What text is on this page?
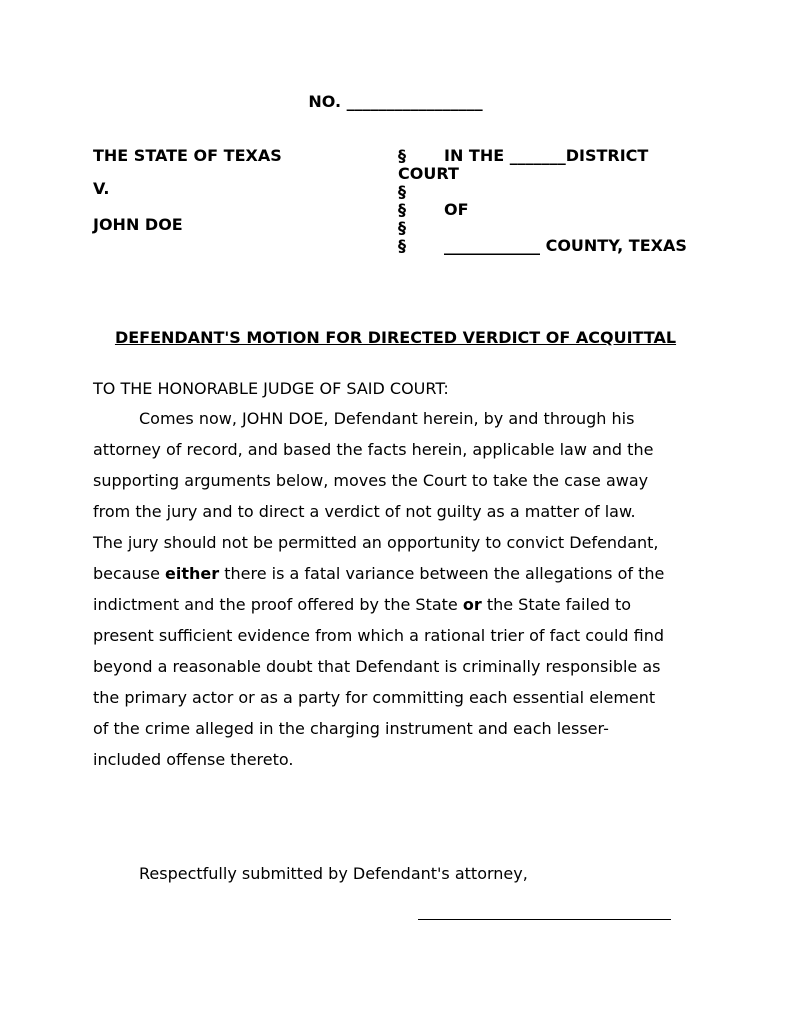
NO. _________________
THE STATE OF TEXAS
V.
JOHN DOE
§ IN THE _______DISTRICT
COURT
§
§ OF
§
§ ____________ COUNTY, TEXAS
DEFENDANT'S MOTION FOR DIRECTED VERDICT OF ACQUITTAL
TO THE HONORABLE JUDGE OF SAID COURT:
Comes now, JOHN DOE, Defendant herein, by and through his
attorney of record, and based the facts herein, applicable law and the
supporting arguments below, moves the Court to take the case away
from the jury and to direct a verdict of not guilty as a matter of law.
The jury should not be permitted an opportunity to convict Defendant,
because either there is a fatal variance between the allegations of the
indictment and the proof offered by the State or the State failed to
present sufficient evidence from which a rational trier of fact could find
beyond a reasonable doubt that Defendant is criminally responsible as
the primary actor or as a party for committing each essential element
of the crime alleged in the charging instrument and each lesser-
included offense thereto.
Respectfully submitted by Defendant's attorney,
